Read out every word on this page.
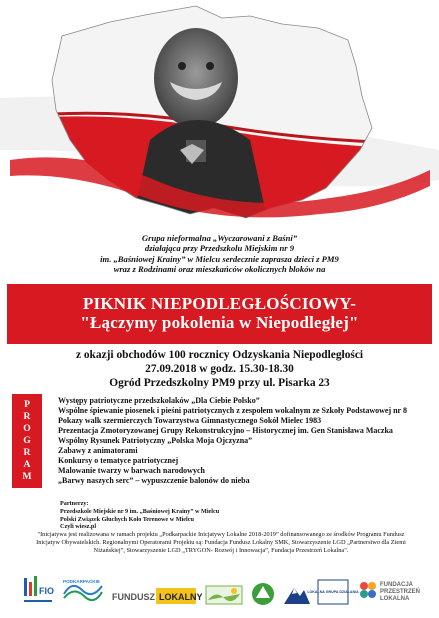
Grupa nieformalna „Wyczarowani z Baśni”
działająca przy Przedszkolu Miejskim nr 9
im. „Baśniowej Krainy” w Mielcu serdecznie zaprasza dzieci z PM9
wraz z Rodzinami oraz mieszkańców okolicznych bloków na
PIKNIK NIEPODLEGŁOŚCIOWY-
"Łączymy pokolenia w Niepodległej"
z okazji obchodów 100 rocznicy Odzyskania Niepodległości
27.09.2018 w godz. 15.30-18.30
Ogród Przedszkolny PM9 przy ul. Pisarka 23
P
R
O
G
R
A
M
Występy patriotyczne przedszkolaków „Dla Ciebie Polsko”
Wspólne śpiewanie piosenek i pieśni patriotycznych z zespołem wokalnym ze Szkoły Podstawowej nr 8
Pokazy walk szermierczych Towarzystwa Gimnastycznego Sokół Mielec 1983
Prezentacja Zmotoryzowanej Grupy Rekonstrukcyjno – Historycznej im. Gen Stanisława Maczka
Wspólny Rysunek Patriotyczny „Polska Moja Ojczyzna”
Zabawy z animatorami
Konkursy o tematyce patriotycznej
Malowanie twarzy w barwach narodowych
„Barwy naszych serc” – wypuszczenie balonów do nieba
Partnerzy:
Przedszkole Miejskie nr 9 im. „Baśniowej Krainy” w Mielcu
Polski Związek Głuchych Koło Terenowe w Mielcu
Czyli wiesz.pl
"Inicjatywa jest realizowana w ramach projektu „Podkarpackie Inicjatywy Lokalne 2018-2019” dofinansowanego ze środków Programu Fundusz Inicjatyw Obywatelskich. Regionalnymi Operatorami Projektu są: Fundacja Fundusz Lokalny SMK, Stowarzyszenie LGD „Partnerstwo dla Ziemi Niżańskiej”, Stowarzyszenie LGD „TRYGON- Rozwój i Innowacja”, Fundacja Przestrzeń Lokalna".
FIO
PODKARPACKIE
FUNDUSZ LOKALNY	LOKALNA GRUPA DZIAŁANIA
FUNDACJA
PRZESTRZEŃ
LOKALNA
